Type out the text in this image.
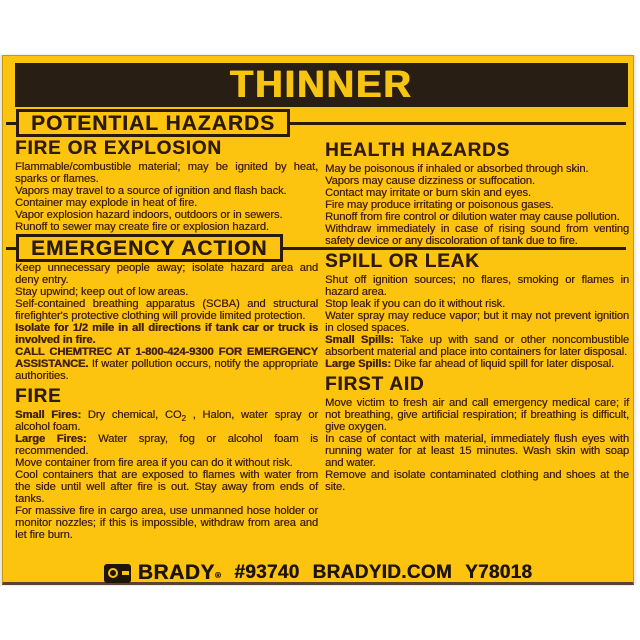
THINNER
POTENTIAL HAZARDS
FIRE OR EXPLOSION

Flammable/combustible material; may be ignited by heat, sparks or flames.

Vapors may travel to a source of ignition and flash back.

Container may explode in heat of fire.

Vapor explosion hazard indoors, outdoors or in sewers.

Runoff to sewer may create fire or explosion hazard.

EMERGENCY ACTION

Keep unnecessary people away; isolate hazard area and deny entry.

Stay upwind; keep out of low areas.

Self-contained breathing apparatus (SCBA) and structural firefighter's protective clothing will provide limited protection.

Isolate for 1/2 mile in all directions if tank car or truck is involved in fire.

CALL CHEMTREC AT 1-800-424-9300 FOR EMERGENCY ASSISTANCE. If water pollution occurs, notify the appropriate authorities.

FIRE

Small Fires: Dry chemical, $CO_2$ , Halon, water spray or alcohol foam.

Large Fires: Water spray, fog or alcohol foam is recommended.

Move container from fire area if you can do it without risk.

Cool containers that are exposed to flames with water from the side until well after fire is out. Stay away from ends of tanks.

For massive fire in cargo area, use unmanned hose holder or monitor nozzles; if this is impossible, withdraw from area and let fire burn.

HEALTH HAZARDS

May be poisonous if inhaled or absorbed through skin.

Vapors may cause dizziness or suffocation.

Contact may irritate or burn skin and eyes.

Fire may produce irritating or poisonous gases.

Runoff from fire control or dilution water may cause pollution.

Withdraw immediately in case of rising sound from venting safety device or any discoloration of tank due to fire.

SPILL OR LEAK

Shut off ignition sources; no flares, smoking or flames in hazard area.

Stop leak if you can do it without risk.

Water spray may reduce vapor; but it may not prevent ignition in closed spaces.

Small Spills: Take up with sand or other noncombustible absorbent material and place into containers for later disposal.

Large Spills: Dike far ahead of liquid spill for later disposal.

FIRST AID

Move victim to fresh air and call emergency medical care; if not breathing, give artificial respiration; if breathing is difficult, give oxygen.

In case of contact with material, immediately flush eyes with running water for at least 15 minutes. Wash skin with soap and water.

Remove and isolate contaminated clothing and shoes at the site.

BRADY ® #93740 BRADYID.COM Y78018
